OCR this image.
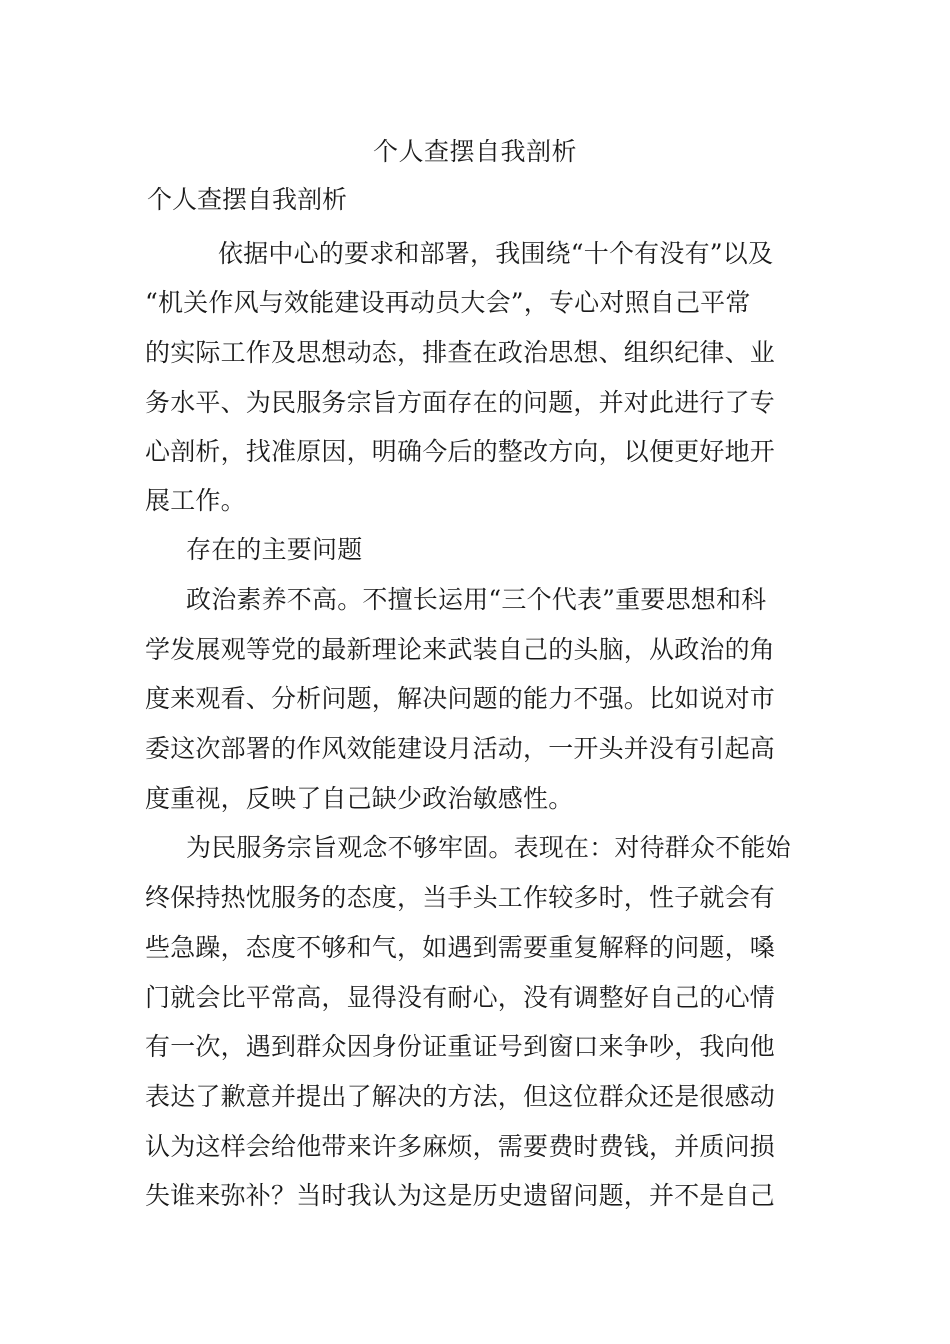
个人查摆自我剖析
个人查摆自我剖析
依据中心的要求和部署，我围绕“十个有没有”以及
“机关作风与效能建设再动员大会”，专心对照自己平常
的实际工作及思想动态，排查在政治思想、组织纪律、业
务水平、为民服务宗旨方面存在的问题，并对此进行了专
心剖析，找准原因，明确今后的整改方向，以便更好地开
展工作。
存在的主要问题
政治素养不高。不擅长运用“三个代表”重要思想和科
学发展观等党的最新理论来武装自己的头脑，从政治的角
度来观看、分析问题，解决问题的能力不强。比如说对市
委这次部署的作风效能建设月活动，一开头并没有引起高
度重视，反映了自己缺少政治敏感性。
为民服务宗旨观念不够牢固。表现在：对待群众不能始
终保持热忱服务的态度，当手头工作较多时，性子就会有
些急躁，态度不够和气，如遇到需要重复解释的问题，嗓
门就会比平常高，显得没有耐心，没有调整好自己的心情
有一次，遇到群众因身份证重证号到窗口来争吵，我向他
表达了歉意并提出了解决的方法，但这位群众还是很感动
认为这样会给他带来许多麻烦，需要费时费钱，并质问损
失谁来弥补？当时我认为这是历史遗留问题，并不是自己
